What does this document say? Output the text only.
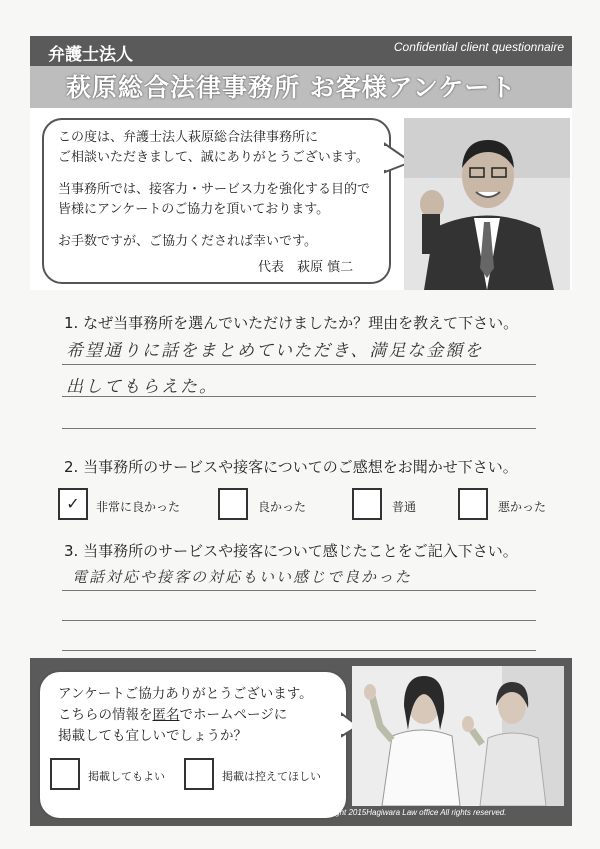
弁護士法人	Confidential client questionnaire
萩原総合法律事務所 お客様アンケート
この度は、弁護士法人萩原総合法律事務所に
ご相談いただきまして、誠にありがとうございます。
当事務所では、接客力・サービス力を強化する目的で
皆様にアンケートのご協力を頂いております。
お手数ですが、ご協力くだされば幸いです。
代表　萩原 慎二
1. なぜ当事務所を選んでいただけましたか？理由を教えて下さい。
希望通りに話をまとめていただき、満足な金額を
出してもらえた。
2. 当事務所のサービスや接客についてのご感想をお聞かせ下さい。
✓	非常に良かった	良かった	普通	悪かった
3. 当事務所のサービスや接客について感じたことをご記入下さい。
電話対応や接客の対応もいい感じで良かった
アンケートご協力ありがとうございます。
こちらの情報を匿名でホームページに
掲載しても宜しいでしょうか？
掲載してもよい	掲載は控えてほしい
Copyright 2015Hagiwara Law office All rights reserved.
